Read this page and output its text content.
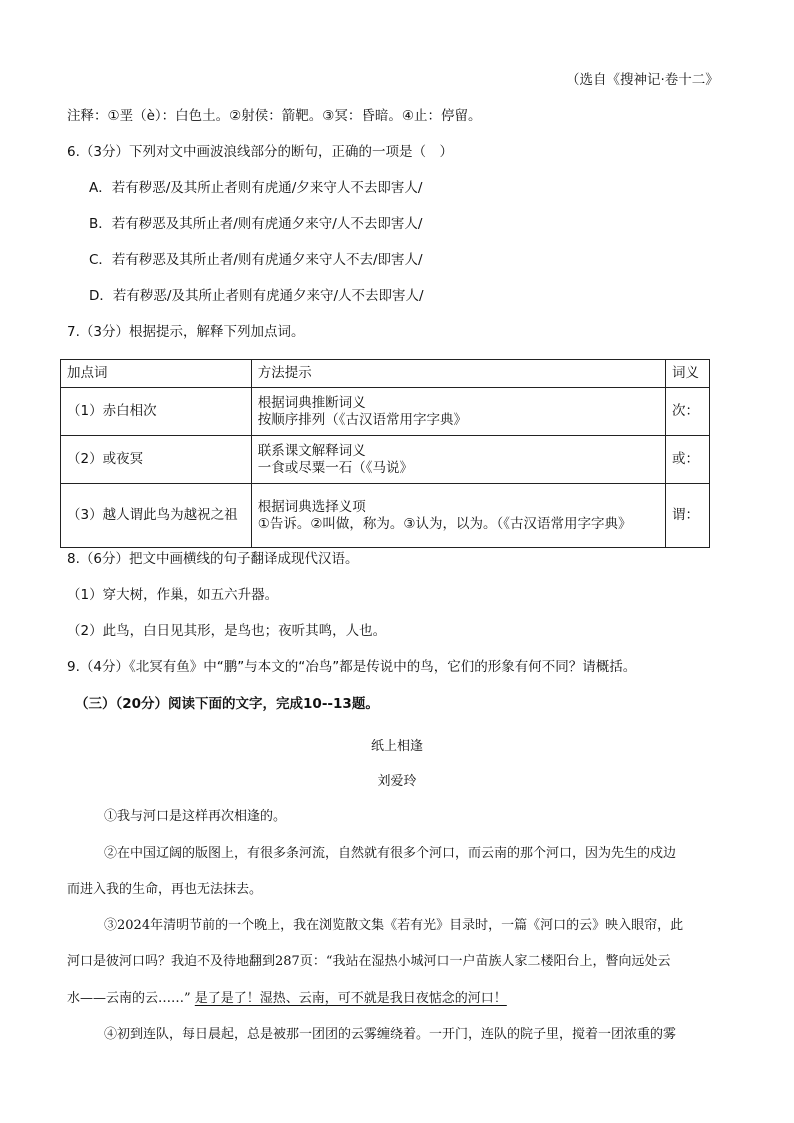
（选自《搜神记·卷十二》
注释：①垩（è）：白色土。②射侯：箭靶。③冥：昏暗。④止：停留。
6.（3分）下列对文中画波浪线部分的断句，正确的一项是（　）
A．若有秽恶/及其所止者则有虎通/夕来守人不去即害人/
B．若有秽恶及其所止者/则有虎通夕来守/人不去即害人/
C．若有秽恶及其所止者/则有虎通夕来守人不去/即害人/
D．若有秽恶/及其所止者则有虎通夕来守/人不去即害人/
7.（3分）根据提示，解释下列加点词。
加点词	方法提示	词义
（1）赤白相次	根据词典推断词义
按顺序排列（《古汉语常用字字典》	次：
（2）或夜冥	联系课文解释词义
一食或尽粟一石（《马说》	或：
（3）越人谓此鸟为越祝之祖	根据词典选择义项
①告诉。②叫做，称为。③认为，以为。（《古汉语常用字字典》	谓：
8.（6分）把文中画横线的句子翻译成现代汉语。
（1）穿大树，作巢，如五六升器。
（2）此鸟，白日见其形，是鸟也；夜听其鸣，人也。
9.（4分）《北冥有鱼》中“鹏”与本文的“冶鸟”都是传说中的鸟，它们的形象有何不同？请概括。
（三）（20分）阅读下面的文字，完成10--13题。
纸上相逢
刘爱玲
①我与河口是这样再次相逢的。
②在中国辽阔的版图上，有很多条河流，自然就有很多个河口，而云南的那个河口，因为先生的戍边
而进入我的生命，再也无法抹去。
③2024年清明节前的一个晚上，我在浏览散文集《若有光》目录时，一篇《河口的云》映入眼帘，此
河口是彼河口吗？我迫不及待地翻到287页：“我站在湿热小城河口一户苗族人家二楼阳台上，瞥向远处云
水——云南的云……” 是了是了！湿热、云南，可不就是我日夜惦念的河口！
④初到连队，每日晨起，总是被那一团团的云雾缠绕着。一开门，连队的院子里，搅着一团浓重的雾
